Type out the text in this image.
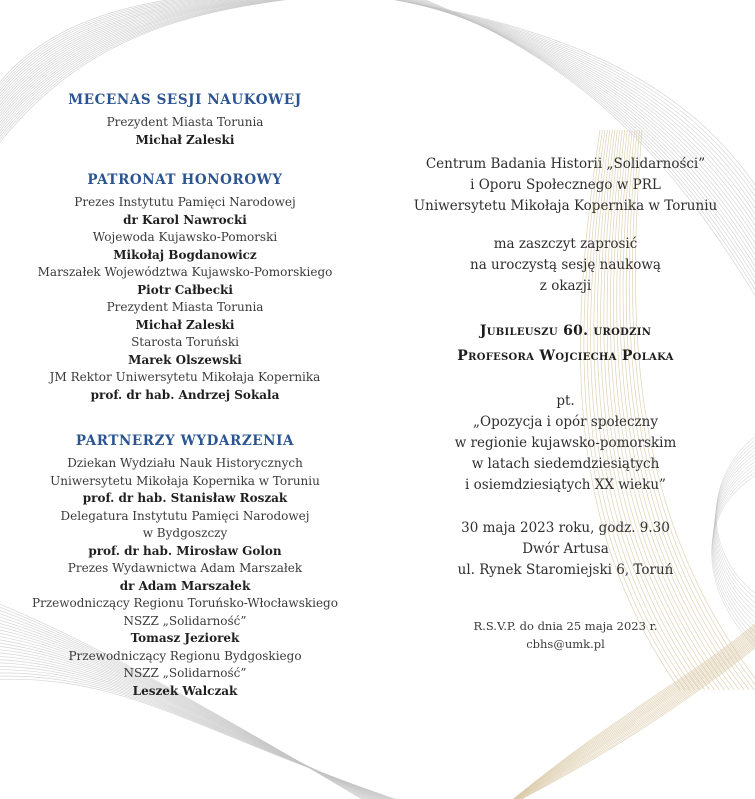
MECENAS SESJI NAUKOWEJ
Prezydent Miasta Torunia
Michał Zaleski
PATRONAT HONOROWY
Prezes Instytutu Pamięci Narodowej
dr Karol Nawrocki
Wojewoda Kujawsko-Pomorski
Mikołaj Bogdanowicz
Marszałek Województwa Kujawsko-Pomorskiego
Piotr Całbecki
Prezydent Miasta Torunia
Michał Zaleski
Starosta Toruński
Marek Olszewski
JM Rektor Uniwersytetu Mikołaja Kopernika
prof. dr hab. Andrzej Sokala
PARTNERZY WYDARZENIA
Dziekan Wydziału Nauk Historycznych
Uniwersytetu Mikołaja Kopernika w Toruniu
prof. dr hab. Stanisław Roszak
Delegatura Instytutu Pamięci Narodowej
w Bydgoszczy
prof. dr hab. Mirosław Golon
Prezes Wydawnictwa Adam Marszałek
dr Adam Marszałek
Przewodniczący Regionu Toruńsko-Włocławskiego
NSZZ „Solidarność”
Tomasz Jeziorek
Przewodniczący Regionu Bydgoskiego
NSZZ „Solidarność”
Leszek Walczak
Centrum Badania Historii „Solidarności”
i Oporu Społecznego w PRL
Uniwersytetu Mikołaja Kopernika w Toruniu
ma zaszczyt zaprosić
na uroczystą sesję naukową
z okazji
Jubileuszu 60. urodzin
Profesora Wojciecha Polaka
pt.
„Opozycja i opór społeczny
w regionie kujawsko-pomorskim
w latach siedemdziesiątych
i osiemdziesiątych XX wieku”
30 maja 2023 roku, godz. 9.30
Dwór Artusa
ul. Rynek Staromiejski 6, Toruń
R.S.V.P. do dnia 25 maja 2023 r.
cbhs@umk.pl
